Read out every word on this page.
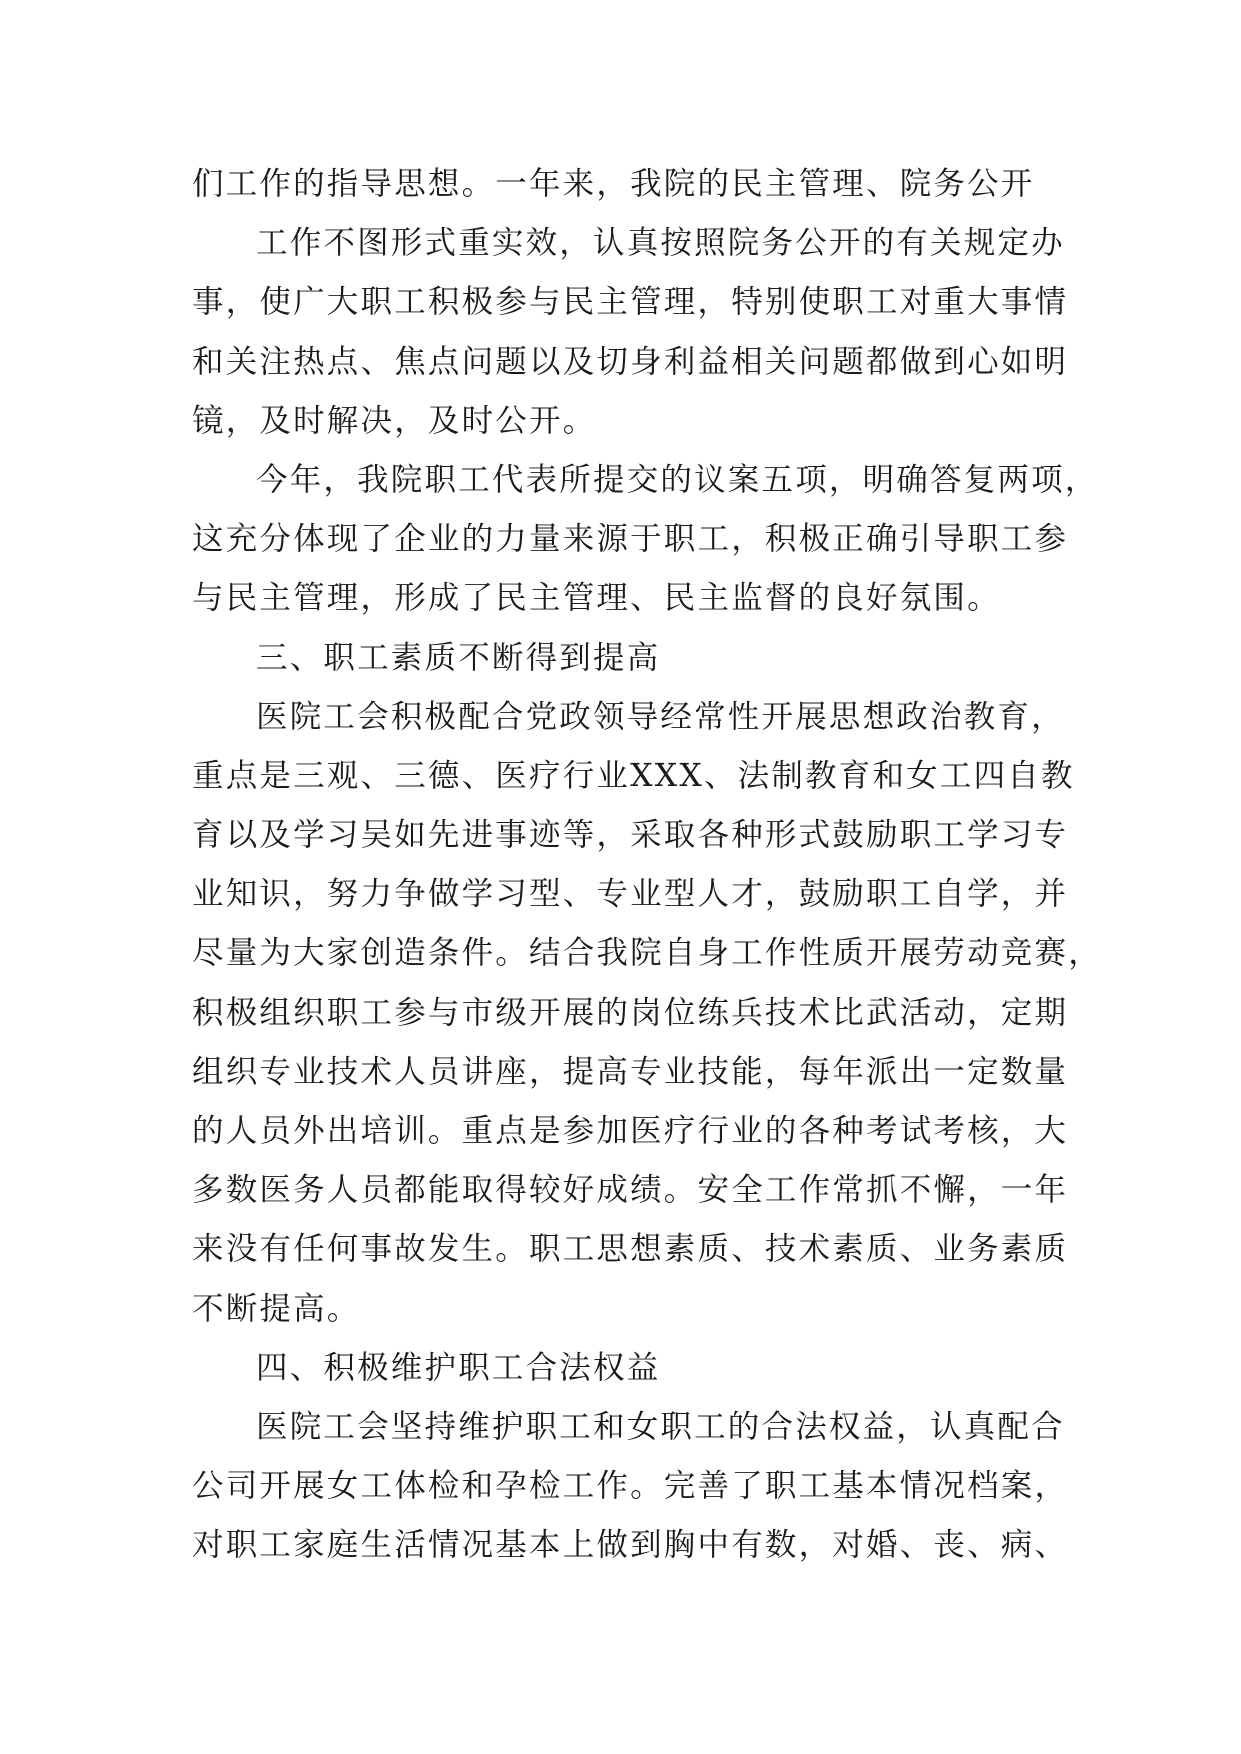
们工作的指导思想。一年来，我院的民主管理、院务公开
工作不图形式重实效，认真按照院务公开的有关规定办
事，使广大职工积极参与民主管理，特别使职工对重大事情
和关注热点、焦点问题以及切身利益相关问题都做到心如明
镜，及时解决，及时公开。
今年，我院职工代表所提交的议案五项，明确答复两项，
这充分体现了企业的力量来源于职工，积极正确引导职工参
与民主管理，形成了民主管理、民主监督的良好氛围。
三、职工素质不断得到提高
医院工会积极配合党政领导经常性开展思想政治教育，
重点是三观、三德、医疗行业XXX、法制教育和女工四自教
育以及学习吴如先进事迹等，采取各种形式鼓励职工学习专
业知识，努力争做学习型、专业型人才，鼓励职工自学，并
尽量为大家创造条件。结合我院自身工作性质开展劳动竞赛，
积极组织职工参与市级开展的岗位练兵技术比武活动，定期
组织专业技术人员讲座，提高专业技能，每年派出一定数量
的人员外出培训。重点是参加医疗行业的各种考试考核，大
多数医务人员都能取得较好成绩。安全工作常抓不懈，一年
来没有任何事故发生。职工思想素质、技术素质、业务素质
不断提高。
四、积极维护职工合法权益
医院工会坚持维护职工和女职工的合法权益，认真配合
公司开展女工体检和孕检工作。完善了职工基本情况档案，
对职工家庭生活情况基本上做到胸中有数，对婚、丧、病、
